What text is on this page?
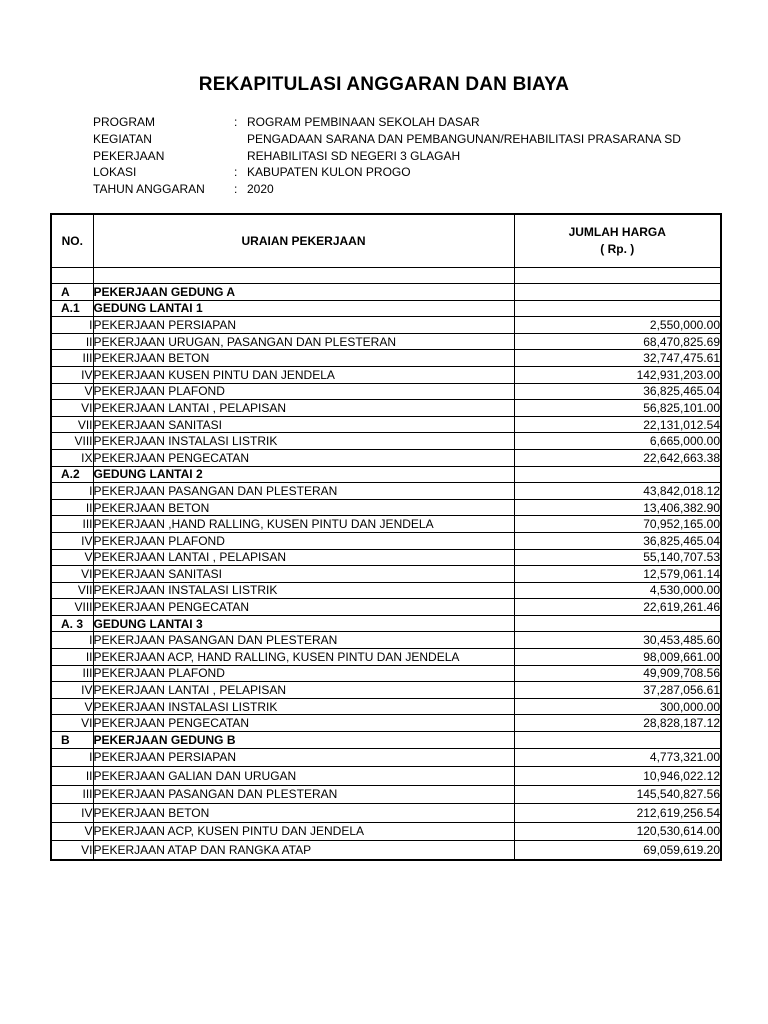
REKAPITULASI ANGGARAN DAN BIAYA
PROGRAM	: ROGRAM PEMBINAAN SEKOLAH DASAR
KEGIATAN	PENGADAAN SARANA DAN PEMBANGUNAN/REHABILITASI PRASARANA SD
PEKERJAAN	REHABILITASI SD NEGERI 3 GLAGAH
LOKASI	: KABUPATEN KULON PROGO
TAHUN ANGGARAN	: 2020
NO.	URAIAN PEKERJAAN	JUMLAH HARGA
( Rp. )

A	PEKERJAAN GEDUNG A	
A.1	GEDUNG LANTAI 1	
I	PEKERJAAN PERSIAPAN	2,550,000.00
II	PEKERJAAN URUGAN, PASANGAN DAN PLESTERAN	68,470,825.69
III	PEKERJAAN BETON	32,747,475.61
IV	PEKERJAAN KUSEN PINTU DAN JENDELA	142,931,203.00
V	PEKERJAAN PLAFOND	36,825,465.04
VI	PEKERJAAN LANTAI , PELAPISAN	56,825,101.00
VII	PEKERJAAN SANITASI	22,131,012.54
VIII	PEKERJAAN INSTALASI LISTRIK	6,665,000.00
IX	PEKERJAAN PENGECATAN	22,642,663.38
A.2	GEDUNG LANTAI 2	
I	PEKERJAAN PASANGAN DAN PLESTERAN	43,842,018.12
II	PEKERJAAN BETON	13,406,382.90
III	PEKERJAAN ,HAND RALLING, KUSEN PINTU DAN JENDELA	70,952,165.00
IV	PEKERJAAN PLAFOND	36,825,465.04
V	PEKERJAAN LANTAI , PELAPISAN	55,140,707.53
VI	PEKERJAAN SANITASI	12,579,061.14
VII	PEKERJAAN INSTALASI LISTRIK	4,530,000.00
VIII	PEKERJAAN PENGECATAN	22,619,261.46
A. 3	GEDUNG LANTAI 3	
I	PEKERJAAN PASANGAN DAN PLESTERAN	30,453,485.60
II	PEKERJAAN ACP, HAND RALLING, KUSEN PINTU DAN JENDELA	98,009,661.00
III	PEKERJAAN PLAFOND	49,909,708.56
IV	PEKERJAAN LANTAI , PELAPISAN	37,287,056.61
V	PEKERJAAN INSTALASI LISTRIK	300,000.00
VI	PEKERJAAN PENGECATAN	28,828,187.12
B	PEKERJAAN GEDUNG B	
I	PEKERJAAN PERSIAPAN	4,773,321.00
II	PEKERJAAN GALIAN DAN URUGAN	10,946,022.12
III	PEKERJAAN PASANGAN DAN PLESTERAN	145,540,827.56
IV	PEKERJAAN BETON	212,619,256.54
V	PEKERJAAN ACP, KUSEN PINTU DAN JENDELA	120,530,614.00
VI	PEKERJAAN ATAP DAN RANGKA ATAP	69,059,619.20
